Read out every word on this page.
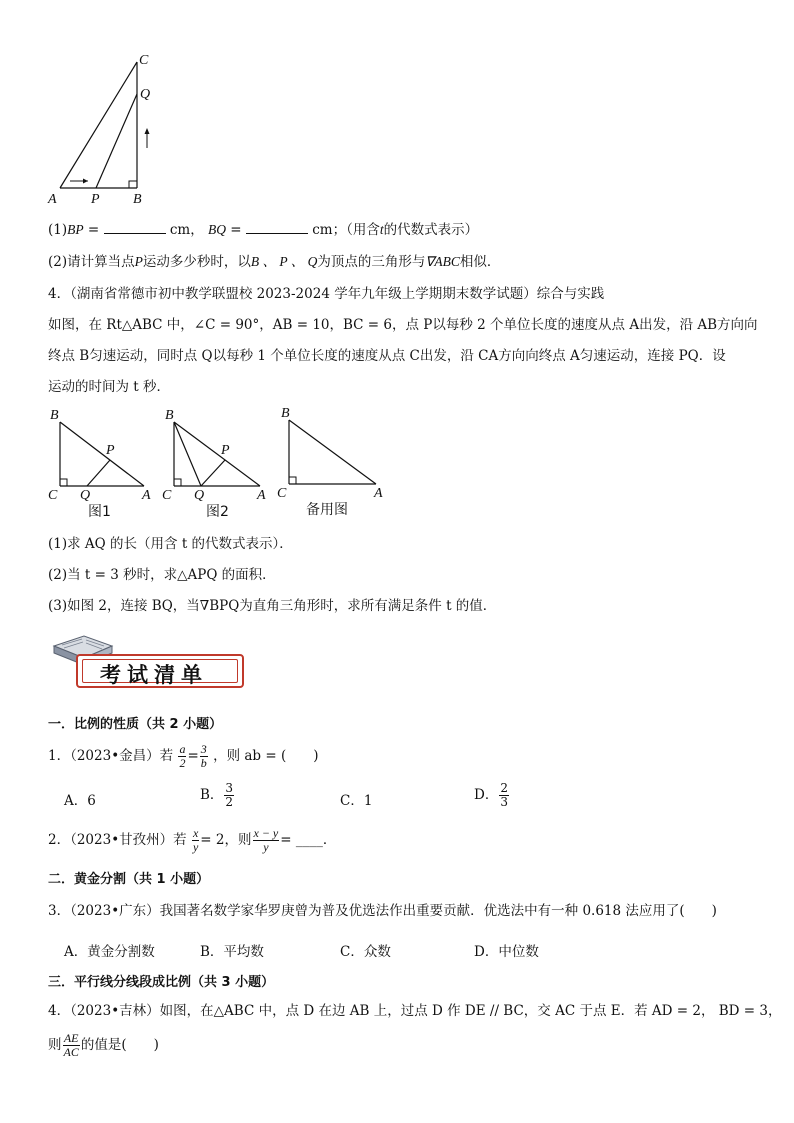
A P B
C
Q
(1)BP =	cm， BQ =	cm；（用含t的代数式表示）
(2)请计算当点P运动多少秒时，以B 、 P 、 Q为顶点的三角形与∇ABC相似．
4．（湖南省常德市初中教学联盟校 2023-2024 学年九年级上学期期末数学试题）综合与实践
如图，在 Rt△ABC 中，∠C = 90°，AB = 10，BC = 6，点 P以每秒 2 个单位长度的速度从点 A出发，沿 AB方向向
终点 B匀速运动，同时点 Q以每秒 1 个单位长度的速度从点 C出发，沿 CA方向向终点 A匀速运动，连接 PQ．设
运动的时间为 t 秒．
B
C Q	A
P
图1
B
C Q	A
P
图2
B
C	A
备用图
(1)求 AQ 的长（用含 t 的代数式表示）．
(2)当 t = 3 秒时，求△APQ 的面积．
(3)如图 2，连接 BQ，当∇BPQ为直角三角形时，求所有满足条件 t 的值．
考试清单
一．比例的性质（共 2 小题）
1．（2023•金昌）若 $\frac{a}{2} = \frac{3}{b}$ ，则 ab = (　　)
A．6	B． $\frac{3}{2}$	C．1	D． $\frac{2}{3}$
2．（2023•甘孜州）若 $\frac{x}{y} = 2$，则 $\frac{x - y}{y}$ = ____．
二．黄金分割（共 1 小题）
3．（2023•广东）我国著名数学家华罗庚曾为普及优选法作出重要贡献．优选法中有一种 0.618 法应用了(　　)
A．黄金分割数	B．平均数	C．众数	D．中位数
三．平行线分线段成比例（共 3 小题）
4．（2023•吉林）如图，在△ABC 中，点 D 在边 AB 上，过点 D 作 DE // BC，交 AC 于点 E．若 AD = 2， BD = 3，
则 $\frac{AE}{AC}$ 的值是(　　)
